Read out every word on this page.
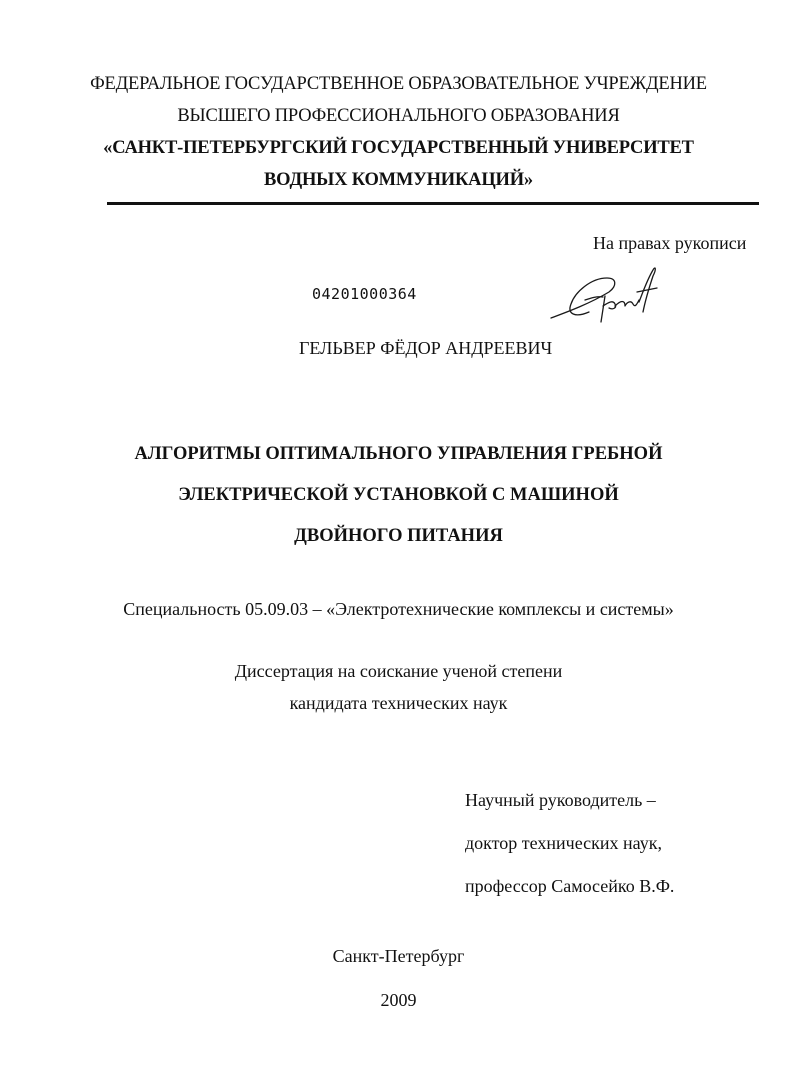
ФЕДЕРАЛЬНОЕ ГОСУДАРСТВЕННОЕ ОБРАЗОВАТЕЛЬНОЕ УЧРЕЖДЕНИЕ
ВЫСШЕГО ПРОФЕССИОНАЛЬНОГО ОБРАЗОВАНИЯ
«САНКТ-ПЕТЕРБУРГСКИЙ ГОСУДАРСТВЕННЫЙ УНИВЕРСИТЕТ
ВОДНЫХ КОММУНИКАЦИЙ»
На правах рукописи
04201000364
ГЕЛЬВЕР ФЁДОР АНДРЕЕВИЧ
АЛГОРИТМЫ ОПТИМАЛЬНОГО УПРАВЛЕНИЯ ГРЕБНОЙ
ЭЛЕКТРИЧЕСКОЙ УСТАНОВКОЙ С МАШИНОЙ
ДВОЙНОГО ПИТАНИЯ
Специальность 05.09.03 – «Электротехнические комплексы и системы»
Диссертация на соискание ученой степени
кандидата технических наук
Научный руководитель –
доктор технических наук,
профессор Самосейко В.Ф.
Санкт-Петербург
2009
